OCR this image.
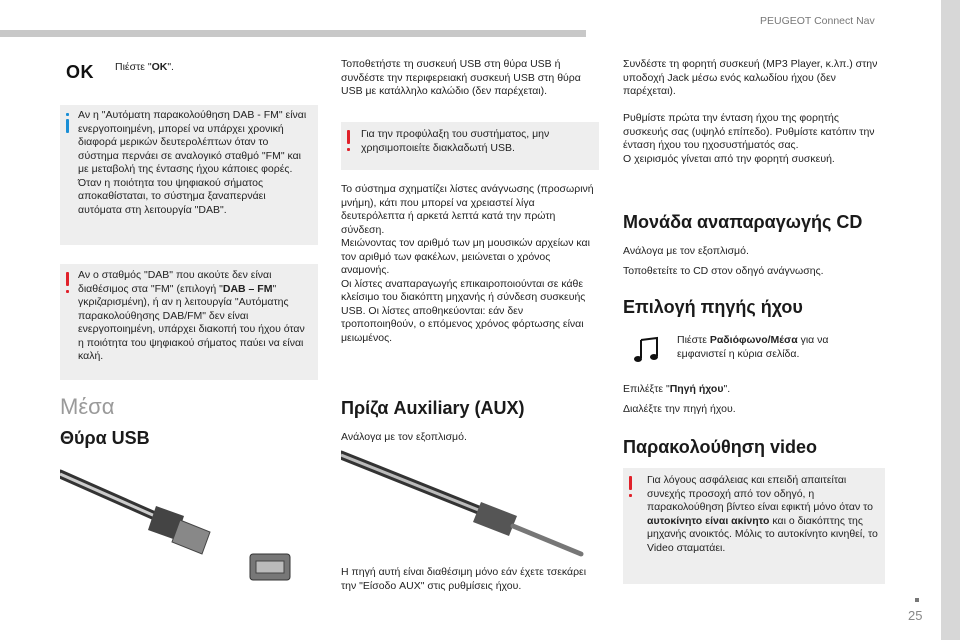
PEUGEOT Connect Nav
25
OK Πιέστε "OK".

Αν η "Αυτόματη παρακολούθηση DAB - FM" είναι ενεργοποιημένη, μπορεί να υπάρχει χρονική διαφορά μερικών δευτερολέπτων όταν το σύστημα περνάει σε αναλογικό σταθμό "FM" και με μεταβολή της έντασης ήχου κάποιες φορές. Όταν η ποιότητα του ψηφιακού σήματος αποκαθίσταται, το σύστημα ξαναπερνάει αυτόματα στη λειτουργία "DAB".

Αν ο σταθμός "DAB" που ακούτε δεν είναι διαθέσιμος στα "FM" (επιλογή "DAB – FM" γκριζαρισμένη), ή αν η λειτουργία "Αυτόματης παρακολούθησης DAB/FM" δεν είναι ενεργοποιημένη, υπάρχει διακοπή του ήχου όταν η ποιότητα του ψηφιακού σήματος παύει να είναι καλή.

Μέσα
Θύρα USB

Τοποθετήστε τη συσκευή USB στη θύρα USB ή συνδέστε την περιφερειακή συσκευή USB στη θύρα USB με κατάλληλο καλώδιο (δεν παρέχεται).

Για την προφύλαξη του συστήματος, μην χρησιμοποιείτε διακλαδωτή USB.

Το σύστημα σχηματίζει λίστες ανάγνωσης (προσωρινή μνήμη), κάτι που μπορεί να χρειαστεί λίγα δευτερόλεπτα ή αρκετά λεπτά κατά την πρώτη σύνδεση.
Μειώνοντας τον αριθμό των μη μουσικών αρχείων και τον αριθμό των φακέλων, μειώνεται ο χρόνος αναμονής.
Οι λίστες αναπαραγωγής επικαιροποιούνται σε κάθε κλείσιμο του διακόπτη μηχανής ή σύνδεση συσκευής USB. Οι λίστες αποθηκεύονται: εάν δεν τροποποιηθούν, ο επόμενος χρόνος φόρτωσης είναι μειωμένος.

Πρίζα Auxiliary (AUX)

Ανάλογα με τον εξοπλισμό.

Η πηγή αυτή είναι διαθέσιμη μόνο εάν έχετε τσεκάρει την "Είσοδο AUX" στις ρυθμίσεις ήχου.

Συνδέστε τη φορητή συσκευή (MP3 Player, κ.λπ.) στην υποδοχή Jack μέσω ενός καλωδίου ήχου (δεν παρέχεται).

Ρυθμίστε πρώτα την ένταση ήχου της φορητής συσκευής σας (υψηλό επίπεδο). Ρυθμίστε κατόπιν την ένταση ήχου του ηχοσυστήματός σας.
Ο χειρισμός γίνεται από την φορητή συσκευή.

Μονάδα αναπαραγωγής CD

Ανάλογα με τον εξοπλισμό.

Τοποθετείτε το CD στον οδηγό ανάγνωσης.

Επιλογή πηγής ήχου

Πιέστε Ραδιόφωνο/Μέσα για να εμφανιστεί η κύρια σελίδα.

Επιλέξτε "Πηγή ήχου".

Διαλέξτε την πηγή ήχου.

Παρακολούθηση video

Για λόγους ασφάλειας και επειδή απαιτείται συνεχής προσοχή από τον οδηγό, η παρακολούθηση βίντεο είναι εφικτή μόνο όταν το αυτοκίνητο είναι ακίνητο και ο διακόπτης της μηχανής ανοικτός. Μόλις το αυτοκίνητο κινηθεί, το Video σταματάει.
